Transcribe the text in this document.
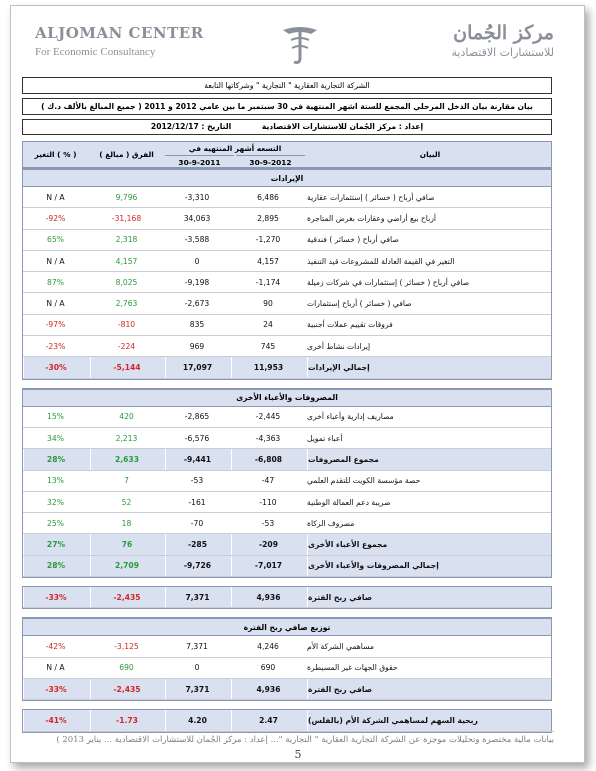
ALJOMAN CENTER
For Economic Consultancy
مركز الجُمان
للاستشارات الاقتصادية
الشركة التجارية العقارية " التجارية " وشركاتها التابعة
بيان مقارنة بيان الدخل المرحلي المجمع للستة اشهر المنتهية في 30 سبتمبر ما بين عامي 2012 و 2011 ( جميع المبالغ بالألف د.ك )
إعداد : مركز الجُمان للاستشارات الاقتصادية التاريخ : 2012/12/17
التغير ( % )	الفرق ( مبالغ )
التسعه أشهر المنتهيه في
30-9-2011	30-9-2012
البيان
الإيرادات
N / A	9,796	-3,310	6,486	صافي أرباح ( خسائر ) إستثمارات عقارية
-92%	-31,168	34,063	2,895	أرباح بيع أراضي وعقارات بغرض المتاجرة
65%	2,318	-3,588	-1,270	صافي أرباح ( خسائر ) فندقية
N / A	4,157	0	4,157	التغير في القيمة العادلة للمشروعات قيد التنفيذ
87%	8,025	-9,198	-1,174	صافي أرباح ( خسائر ) إستثمارات في شركات زميلة
N / A	2,763	-2,673	90	صافي ( خسائر ) أرباح إستثمارات
-97%	-810	835	24	فروقات تقييم عملات أجنبية
-23%	-224	969	745	إيرادات نشاط أخرى
-30%	-5,144	17,097	11,953	إجمالي الإيرادات
المصروفات والأعباء الأخرى
15%	420	-2,865	-2,445	مصاريف إدارية وأعباء أخرى
34%	2,213	-6,576	-4,363	أعباء تمويل
28%	2,633	-9,441	-6,808	مجموع المصروفات
13%	7	-53	-47	حصة مؤسسة الكويت للتقدم العلمي
32%	52	-161	-110	ضريبة دعم العمالة الوطنية
25%	18	-70	-53	مصروف الزكاة
27%	76	-285	-209	مجموع الأعباء الأخرى
28%	2,709	-9,726	-7,017	إجمالي المصروفات والأعباء الأخرى
-33%	-2,435	7,371	4,936	صافي ربح الفترة
توزيع صافي ربح الفترة
-42%	-3,125	7,371	4,246	مساهمي الشركة الأم
N / A	690	0	690	حقوق الجهات غير المسيطرة
-33%	-2,435	7,371	4,936	صافي ربح الفترة
-41%	-1.73	4.20	2.47	ربحية السهم لمساهمي الشركة الأم (بالفلس)
بيانات مالية مختصرة وتحليلات موجزة عن الشركة التجارية العقارية " التجارية "... إعداد : مركز الجُمان للاستشارات الاقتصادية ... يناير 2013 )
5
